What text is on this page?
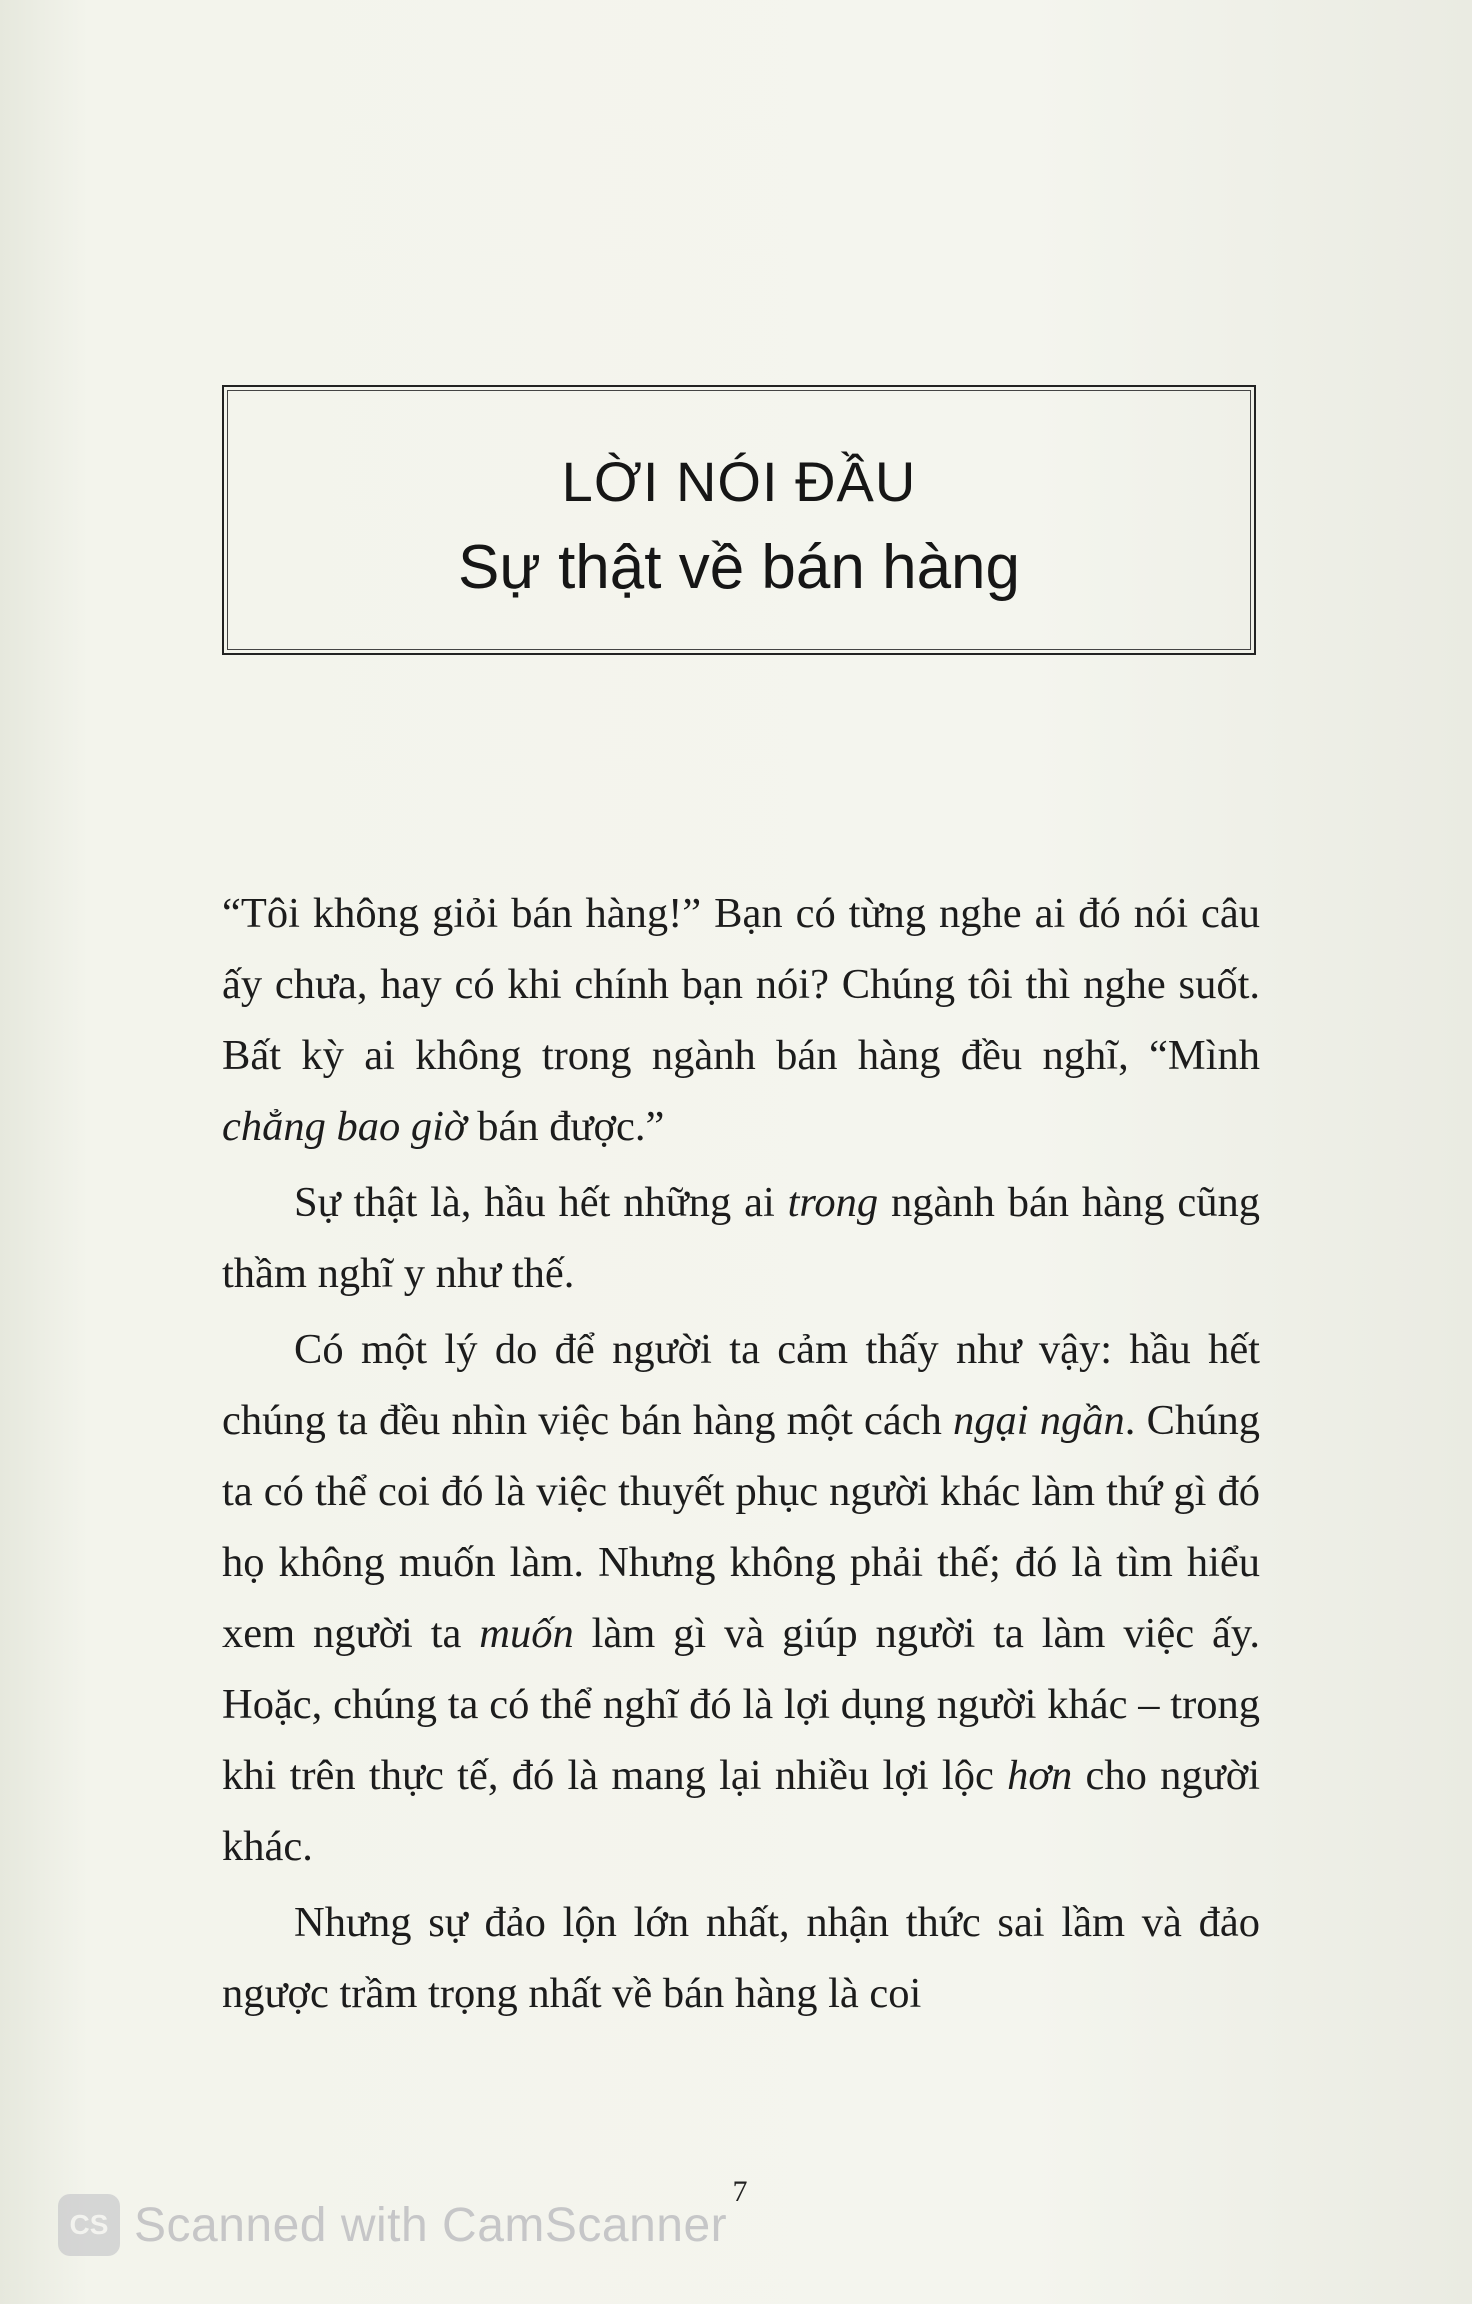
LỜI NÓI ĐẦU
Sự thật về bán hàng

“Tôi không giỏi bán hàng!” Bạn có từng nghe ai đó nói câu ấy chưa, hay có khi chính bạn nói? Chúng tôi thì nghe suốt. Bất kỳ ai không trong ngành bán hàng đều nghĩ, “Mình chẳng bao giờ bán được.”

Sự thật là, hầu hết những ai trong ngành bán hàng cũng thầm nghĩ y như thế.

Có một lý do để người ta cảm thấy như vậy: hầu hết chúng ta đều nhìn việc bán hàng một cách ngại ngần. Chúng ta có thể coi đó là việc thuyết phục người khác làm thứ gì đó họ không muốn làm. Nhưng không phải thế; đó là tìm hiểu xem người ta muốn làm gì và giúp người ta làm việc ấy. Hoặc, chúng ta có thể nghĩ đó là lợi dụng người khác – trong khi trên thực tế, đó là mang lại nhiều lợi lộc hơn cho người khác.

Nhưng sự đảo lộn lớn nhất, nhận thức sai lầm và đảo ngược trầm trọng nhất về bán hàng là coi

7
CS Scanned with CamScanner
